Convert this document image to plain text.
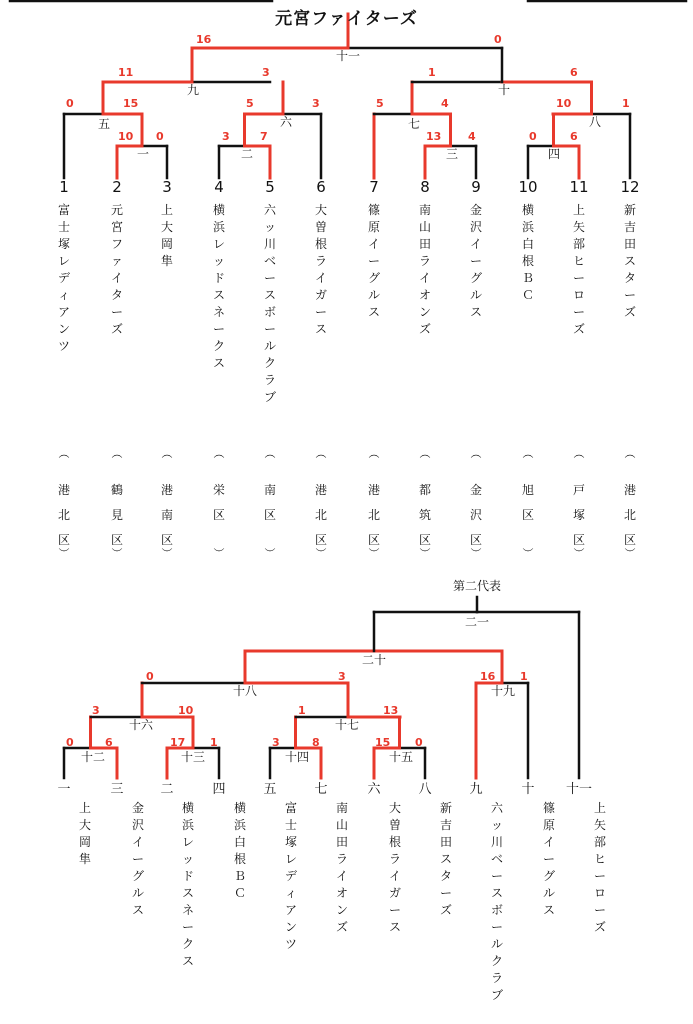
元宮ファイターズ
第二代表
1
富士塚レディアンツ
︵
港北区
︶
2
元宮ファイターズ
︵
鶴見区
︶
3
上大岡隼
︵
港南区
︶
4
横浜レッドスネークス
︵
栄区
︶
5
六ッ川ベースボールクラブ
︵
南区
︶
6
大曽根ライガース
︵
港北区
︶
7
篠原イーグルス
︵
港北区
︶
8
南山田ライオンズ
︵
都筑区
︶
9
金沢イーグルス
︵
金沢区
︶
10
横浜白根ＢＣ
︵
旭区
︶
11
上矢部ヒーローズ
︵
戸塚区
︶
12
新吉田スターズ
︵
港北区
︶
一
10 0
二
3	7
三
13 4
四
0	6
五
0	15
六
5	3
七
5	4
八
10	1
九
11	3
十
1	6
十一
16	0
一
上大岡隼
三
金沢イーグルス
二
横浜レッドスネークス
四
横浜白根ＢＣ
五
富士塚レディアンツ
七
南山田ライオンズ
六
大曽根ライガース
八
新吉田スターズ
九
六ッ川ベースボールクラブ
十
篠原イーグルス
十一
上矢部ヒーローズ
十二
0	6
十三
17 1
十四
3	8
十五
15 0
十六
3	10
十七
1	13
十八
0	3
十九
16 1
二十
二一
